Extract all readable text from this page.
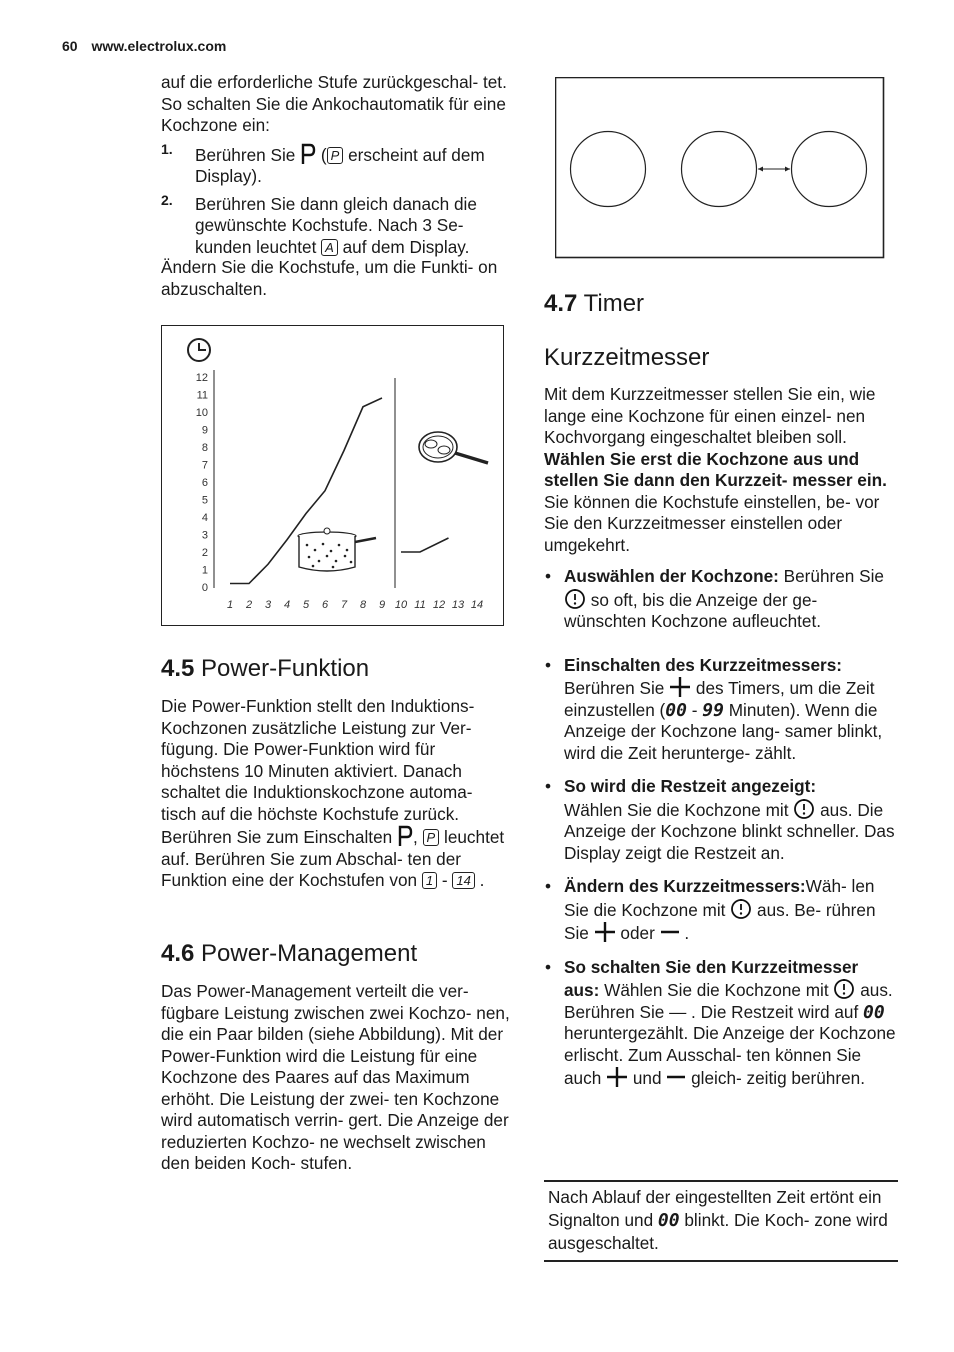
60 www.electrolux.com

auf die erforderliche Stufe zurückgeschal- tet.

So schalten Sie die Ankochautomatik für eine Kochzone ein:

1. Berühren Sie ( P erscheint auf dem Display).
2. Berühren Sie dann gleich danach die gewünschte Kochstufe. Nach 3 Se- kunden leuchtet A auf dem Display.

Ändern Sie die Kochstufe, um die Funkti- on abzuschalten.

0
1
2
3
4
5
6
7
8
9
10
11
12
1 2 3 4 5 6 7 8 9 10 11 12 13 14
4.5 Power-Funktion

Die Power-Funktion stellt den Induktions- Kochzonen zusätzliche Leistung zur Ver- fügung. Die Power-Funktion wird für höchstens 10 Minuten aktiviert. Danach schaltet die Induktionskochzone automa- tisch auf die höchste Kochstufe zurück.

Berühren Sie zum Einschalten , P leuchtet auf. Berühren Sie zum Abschal- ten der Funktion eine der Kochstufen von 1 - 14 .

4.6 Power-Management

Das Power-Management verteilt die ver- fügbare Leistung zwischen zwei Kochzo- nen, die ein Paar bilden (siehe Abbildung). Mit der Power-Funktion wird die Leistung für eine Kochzone des Paares auf das Maximum erhöht. Die Leistung der zwei- ten Kochzone wird automatisch verrin- gert. Die Anzeige der reduzierten Kochzo- ne wechselt zwischen den beiden Koch- stufen.

4.7 Timer
Kurzzeitmesser

Mit dem Kurzzeitmesser stellen Sie ein, wie lange eine Kochzone für einen einzel- nen Kochvorgang eingeschaltet bleiben soll.

Wählen Sie erst die Kochzone aus und stellen Sie dann den Kurzzeit- messer ein.

Sie können die Kochstufe einstellen, be- vor Sie den Kurzzeitmesser einstellen oder umgekehrt.

• Auswählen der Kochzone: Berühren Sie  so oft, bis die Anzeige der ge- wünschten Kochzone aufleuchtet.
• Einschalten des Kurzzeitmessers:
Berühren Sie des Timers, um die Zeit einzustellen (00 - 99 Minuten). Wenn die Anzeige der Kochzone lang- samer blinkt, wird die Zeit herunterge- zählt.
• So wird die Restzeit angezeigt:
Wählen Sie die Kochzone mit aus. Die Anzeige der Kochzone blinkt schneller. Das Display zeigt die Restzeit an.
• Ändern des Kurzzeitmessers:Wäh- len Sie die Kochzone mit aus. Be- rühren Sie oder .
• So schalten Sie den Kurzzeitmesser aus: Wählen Sie die Kochzone mit aus. Berühren Sie — . Die Restzeit wird auf 00 heruntergezählt. Die Anzeige der Kochzone erlischt. Zum Ausschal- ten können Sie auch und gleich- zeitig berühren.
Nach Ablauf der eingestellten Zeit ertönt ein Signalton und 00 blinkt. Die Koch- zone wird ausgeschaltet.
